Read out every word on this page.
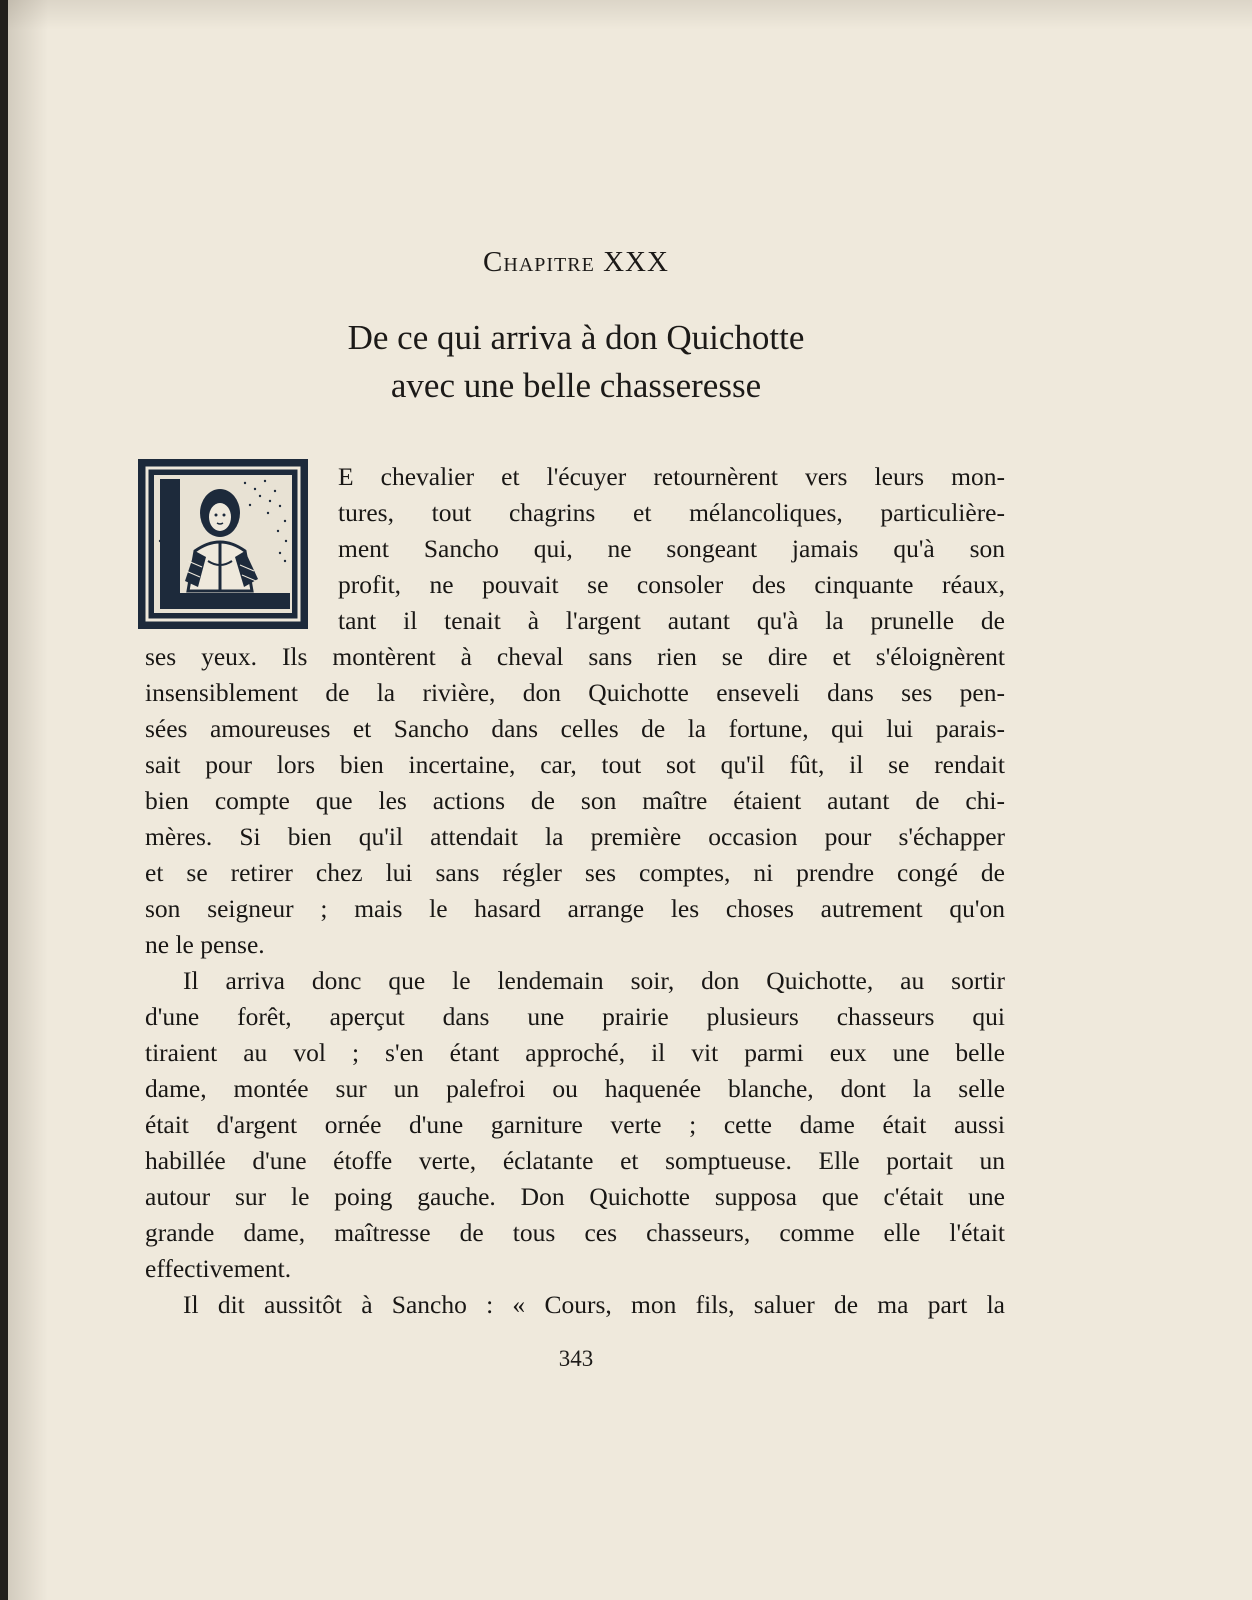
Chapitre XXX
De ce qui arriva à don Quichotte
avec une belle chasseresse
E chevalier et l'écuyer retournèrent vers leurs mon-
tures, tout chagrins et mélancoliques, particulière-
ment Sancho qui, ne songeant jamais qu'à son
profit, ne pouvait se consoler des cinquante réaux,
tant il tenait à l'argent autant qu'à la prunelle de
ses yeux. Ils montèrent à cheval sans rien se dire et s'éloignèrent
insensiblement de la rivière, don Quichotte enseveli dans ses pen-
sées amoureuses et Sancho dans celles de la fortune, qui lui parais-
sait pour lors bien incertaine, car, tout sot qu'il fût, il se rendait
bien compte que les actions de son maître étaient autant de chi-
mères. Si bien qu'il attendait la première occasion pour s'échapper
et se retirer chez lui sans régler ses comptes, ni prendre congé de
son seigneur ; mais le hasard arrange les choses autrement qu'on
ne le pense.
Il arriva donc que le lendemain soir, don Quichotte, au sortir
d'une forêt, aperçut dans une prairie plusieurs chasseurs qui
tiraient au vol ; s'en étant approché, il vit parmi eux une belle
dame, montée sur un palefroi ou haquenée blanche, dont la selle
était d'argent ornée d'une garniture verte ; cette dame était aussi
habillée d'une étoffe verte, éclatante et somptueuse. Elle portait un
autour sur le poing gauche. Don Quichotte supposa que c'était une
grande dame, maîtresse de tous ces chasseurs, comme elle l'était
effectivement.
Il dit aussitôt à Sancho : « Cours, mon fils, saluer de ma part la
343
